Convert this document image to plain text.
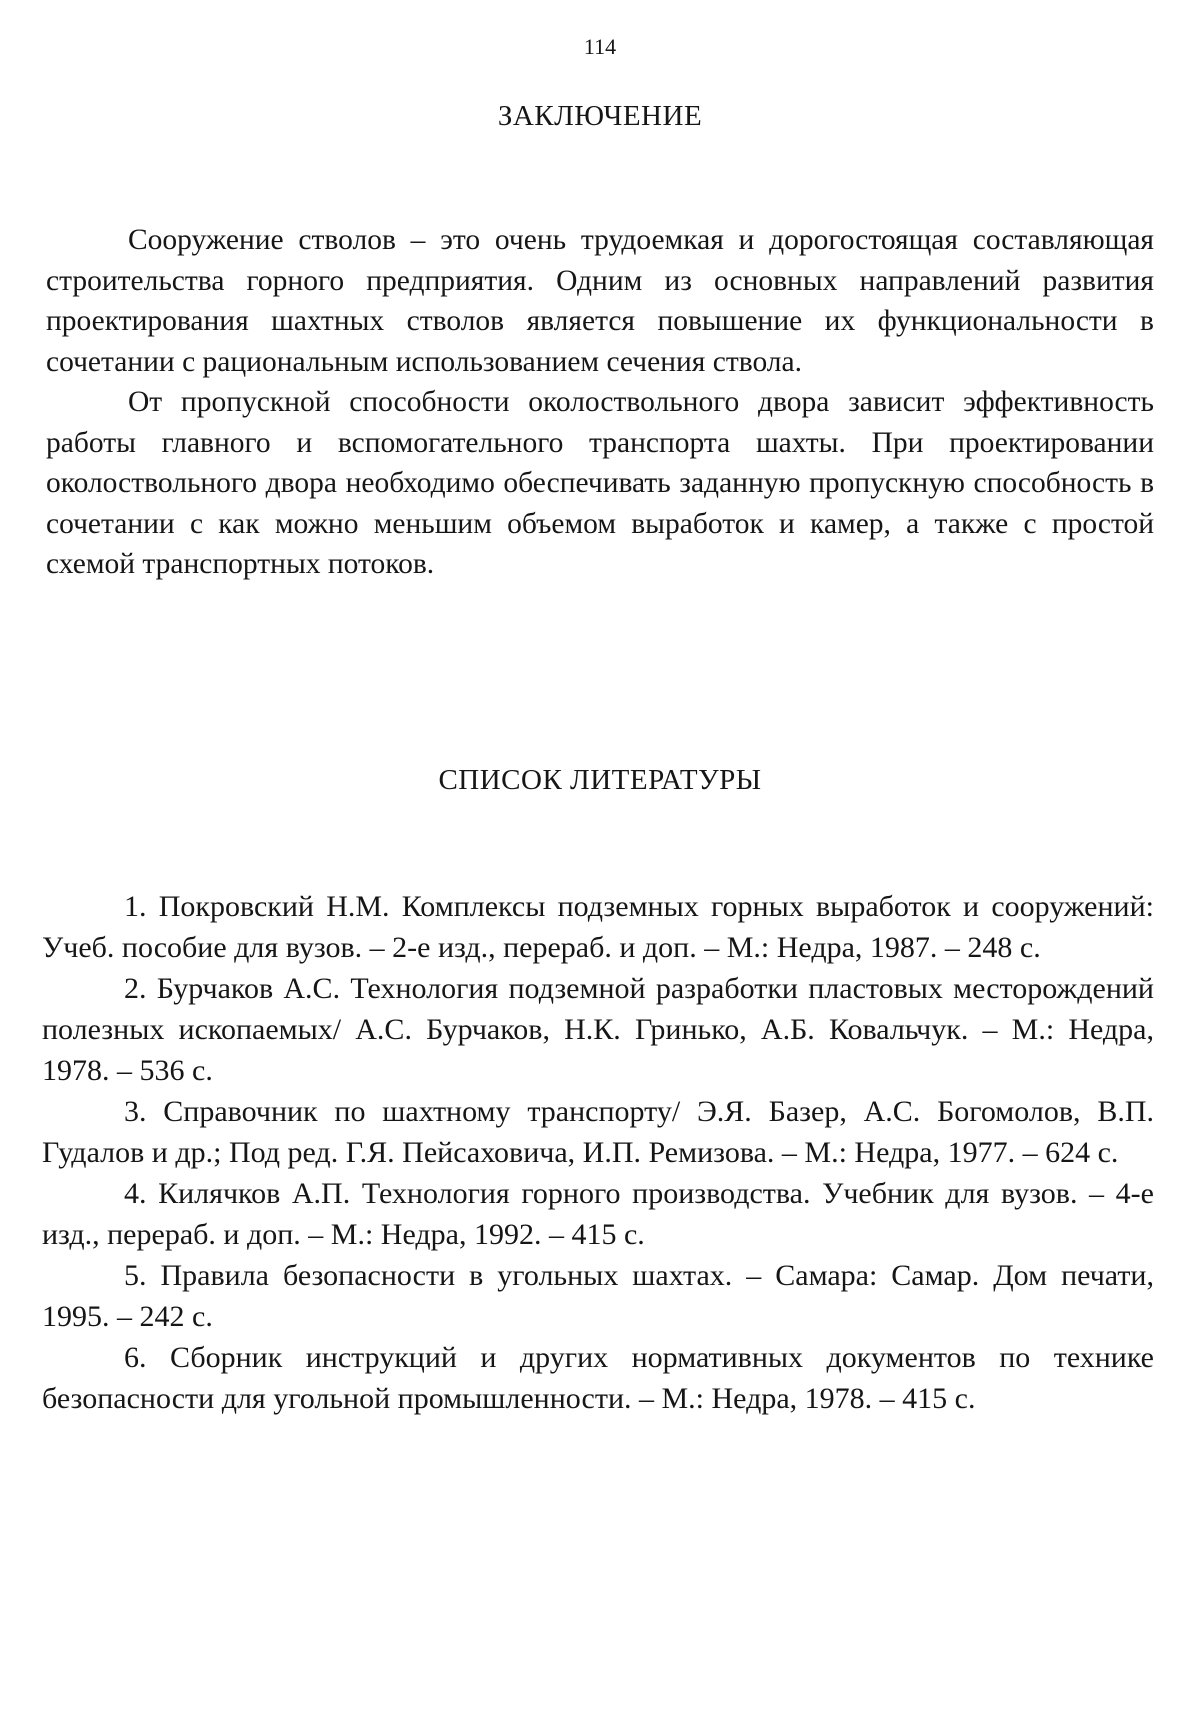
114
ЗАКЛЮЧЕНИЕ

Сооружение стволов – это очень трудоемкая и дорогостоящая составляющая строительства горного предприятия. Одним из основных направлений развития проектирования шахтных стволов является повышение их функциональности в сочетании с рациональным использованием сечения ствола.

От пропускной способности околоствольного двора зависит эффективность работы главного и вспомогательного транспорта шахты. При проектировании околоствольного двора необходимо обеспечивать заданную пропускную способность в сочетании с как можно меньшим объемом выработок и камер, а также с простой схемой транспортных потоков.

СПИСОК ЛИТЕРАТУРЫ

1. Покровский Н.М. Комплексы подземных горных выработок и сооружений: Учеб. пособие для вузов. – 2-е изд., перераб. и доп. – М.: Недра, 1987. – 248 с.

2. Бурчаков А.С. Технология подземной разработки пластовых месторождений полезных ископаемых/ А.С. Бурчаков, Н.К. Гринько, А.Б. Ковальчук. – М.: Недра, 1978. – 536 с.

3. Справочник по шахтному транспорту/ Э.Я. Базер, А.С. Богомолов, В.П. Гудалов и др.; Под ред. Г.Я. Пейсаховича, И.П. Ремизова. – М.: Недра, 1977. – 624 с.

4. Килячков А.П. Технология горного производства. Учебник для вузов. – 4-е изд., перераб. и доп. – М.: Недра, 1992. – 415 с.

5. Правила безопасности в угольных шахтах. – Самара: Самар. Дом печати, 1995. – 242 с.

6. Сборник инструкций и других нормативных документов по технике безопасности для угольной промышленности. – М.: Недра, 1978. – 415 с.
